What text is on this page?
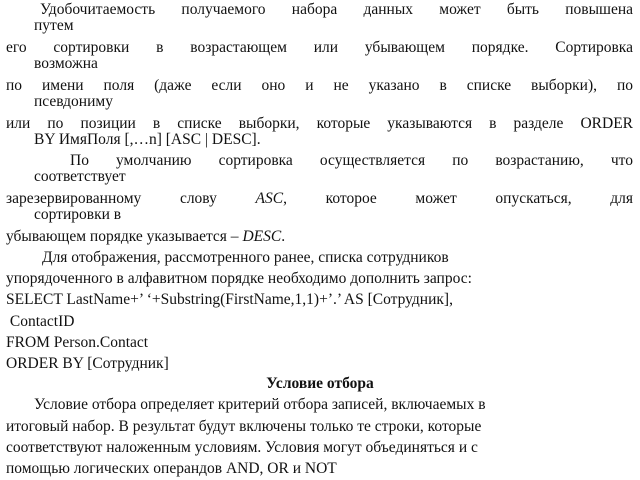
Удобочитаемость получаемого набора данных может быть повышена
путем
его сортировки в возрастающем или убывающем порядке. Сортировка
возможна
по имени поля (даже если оно и не указано в списке выборки), по
псевдониму
или по позиции в списке выборки, которые указываются в разделе ORDER
BY ИмяПоля [,…n] [ASC | DESC].
По умолчанию сортировка осуществляется по возрастанию, что
соответствует
зарезервированному слову ASC, которое может опускаться, для
сортировки в
убывающем порядке указывается – DESC.
Для отображения, рассмотренного ранее, списка сотрудников
упорядоченного в алфавитном порядке необходимо дополнить запрос:
SELECT LastName+’ ‘+Substring(FirstName,1,1)+’.’ AS [Сотрудник],
ContactID
FROM Person.Contact
ORDER BY [Сотрудник]
Условие отбора
Условие отбора определяет критерий отбора записей, включаемых в
итоговый набор. В результат будут включены только те строки, которые
соответствуют наложенным условиям. Условия могут объединяться и с
помощью логических операндов AND, OR и NOT
